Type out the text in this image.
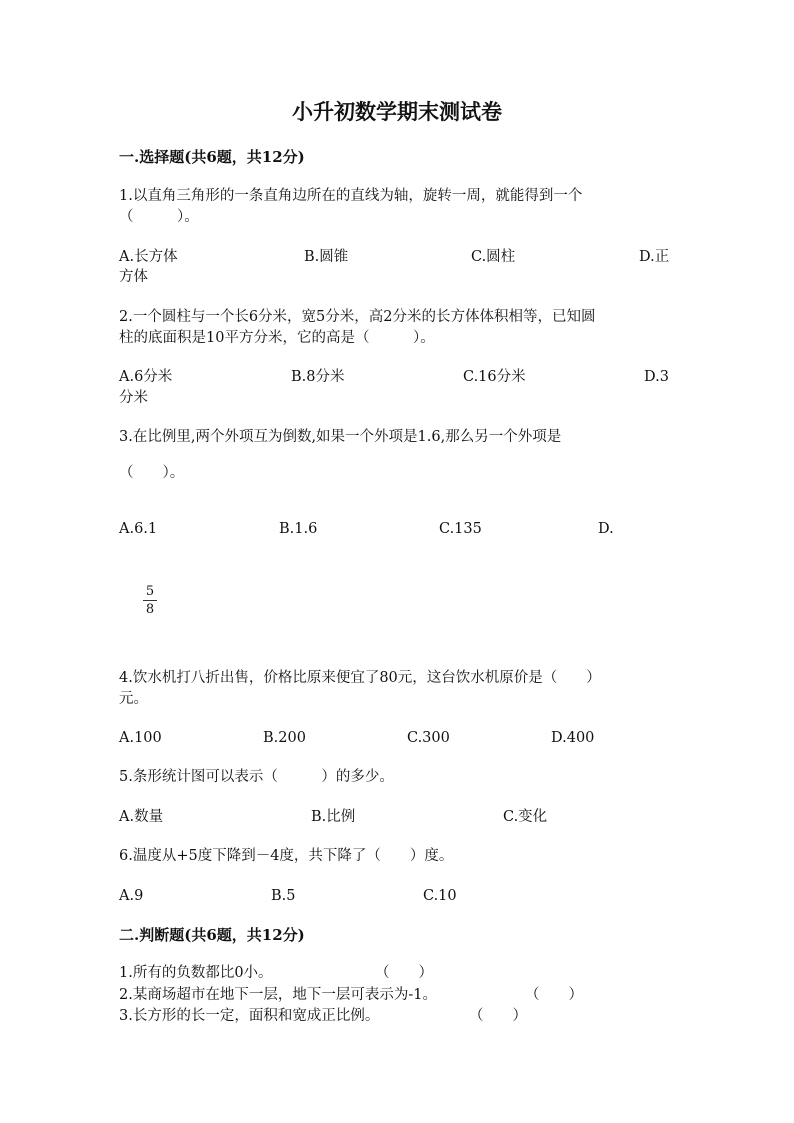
小升初数学期末测试卷
一.选择题(共6题，共12分)
1.以直角三角形的一条直角边所在的直线为轴，旋转一周，就能得到一个
（　　　）。
A.长方体	B.圆锥	C.圆柱	D.正
方体
2.一个圆柱与一个长6分米，宽5分米，高2分米的长方体体积相等，已知圆
柱的底面积是10平方分米，它的高是（　　　）。
A.6分米	B.8分米	C.16分米	D.3
分米
3.在比例里,两个外项互为倒数,如果一个外项是1.6,那么另一个外项是
（　　）。
A.6.1	B.1.6	C.135	D.
5
8
4.饮水机打八折出售，价格比原来便宜了80元，这台饮水机原价是（　　）
元。
A.100	B.200	C.300	D.400
5.条形统计图可以表示（　　　）的多少。
A.数量	B.比例	C.变化
6.温度从+5度下降到－4度，共下降了（　　）度。
A.9	B.5	C.10
二.判断题(共6题，共12分)
1.所有的负数都比0小。	（　　）
2.某商场超市在地下一层，地下一层可表示为-1。	（　　）
3.长方形的长一定，面积和宽成正比例。	（　　）
